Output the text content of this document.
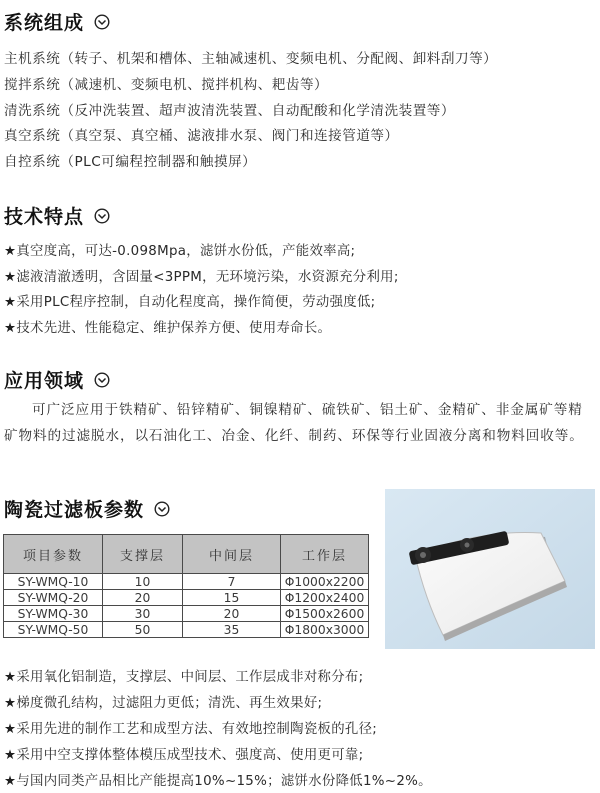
系统组成
主机系统（转子、机架和槽体、主轴减速机、变频电机、分配阀、卸料刮刀等）
搅拌系统（减速机、变频电机、搅拌机构、耙齿等）
清洗系统（反冲洗装置、超声波清洗装置、自动配酸和化学清洗装置等）
真空系统（真空泵、真空桶、滤液排水泵、阀门和连接管道等）
自控系统（PLC可编程控制器和触摸屏）
技术特点
★真空度高，可达-0.098Mpa，滤饼水份低，产能效率高;
★滤液清澈透明，含固量<3PPM，无环境污染，水资源充分利用;
★采用PLC程序控制，自动化程度高，操作简便，劳动强度低;
★技术先进、性能稳定、维护保养方便、使用寿命长。
应用领域
可广泛应用于铁精矿、铅锌精矿、铜镍精矿、硫铁矿、铝土矿、金精矿、非金属矿等精矿物料的过滤脱水，以石油化工、冶金、化纤、制药、环保等行业固液分离和物料回收等。
陶瓷过滤板参数
项目参数	支撑层	中间层	工作层
SY-WMQ-10	10	7	Φ1000x2200
SY-WMQ-20	20	15	Φ1200x2400
SY-WMQ-30	30	20	Φ1500x2600
SY-WMQ-50	50	35	Φ1800x3000
★采用氧化铝制造，支撑层、中间层、工作层成非对称分布;
★梯度微孔结构，过滤阻力更低；清洗、再生效果好;
★采用先进的制作工艺和成型方法、有效地控制陶瓷板的孔径;
★采用中空支撑体整体模压成型技术、强度高、使用更可靠;
★与国内同类产品相比产能提高10%~15%；滤饼水份降低1%~2%。
